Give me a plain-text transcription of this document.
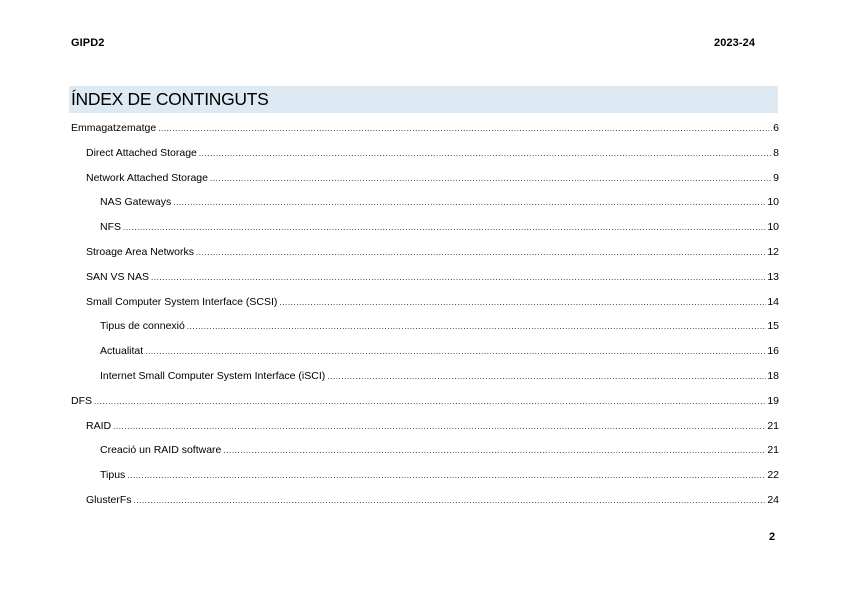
GIPD2	2023-24
ÍNDEX DE CONTINGUTS
Emmagatzematge .....	6
Direct Attached Storage .....	8
Network Attached Storage .....	9
NAS Gateways .....	10
NFS .....	10
Stroage Area Networks .....	12
SAN VS NAS .....	13
Small Computer System Interface (SCSI) .....	14
Tipus de connexió .....	15
Actualitat .....	16
Internet Small Computer System Interface (iSCI) .....	18
DFS .....	19
RAID .....	21
Creació un RAID software .....	21
Tipus .....	22
GlusterFs .....	24
2
